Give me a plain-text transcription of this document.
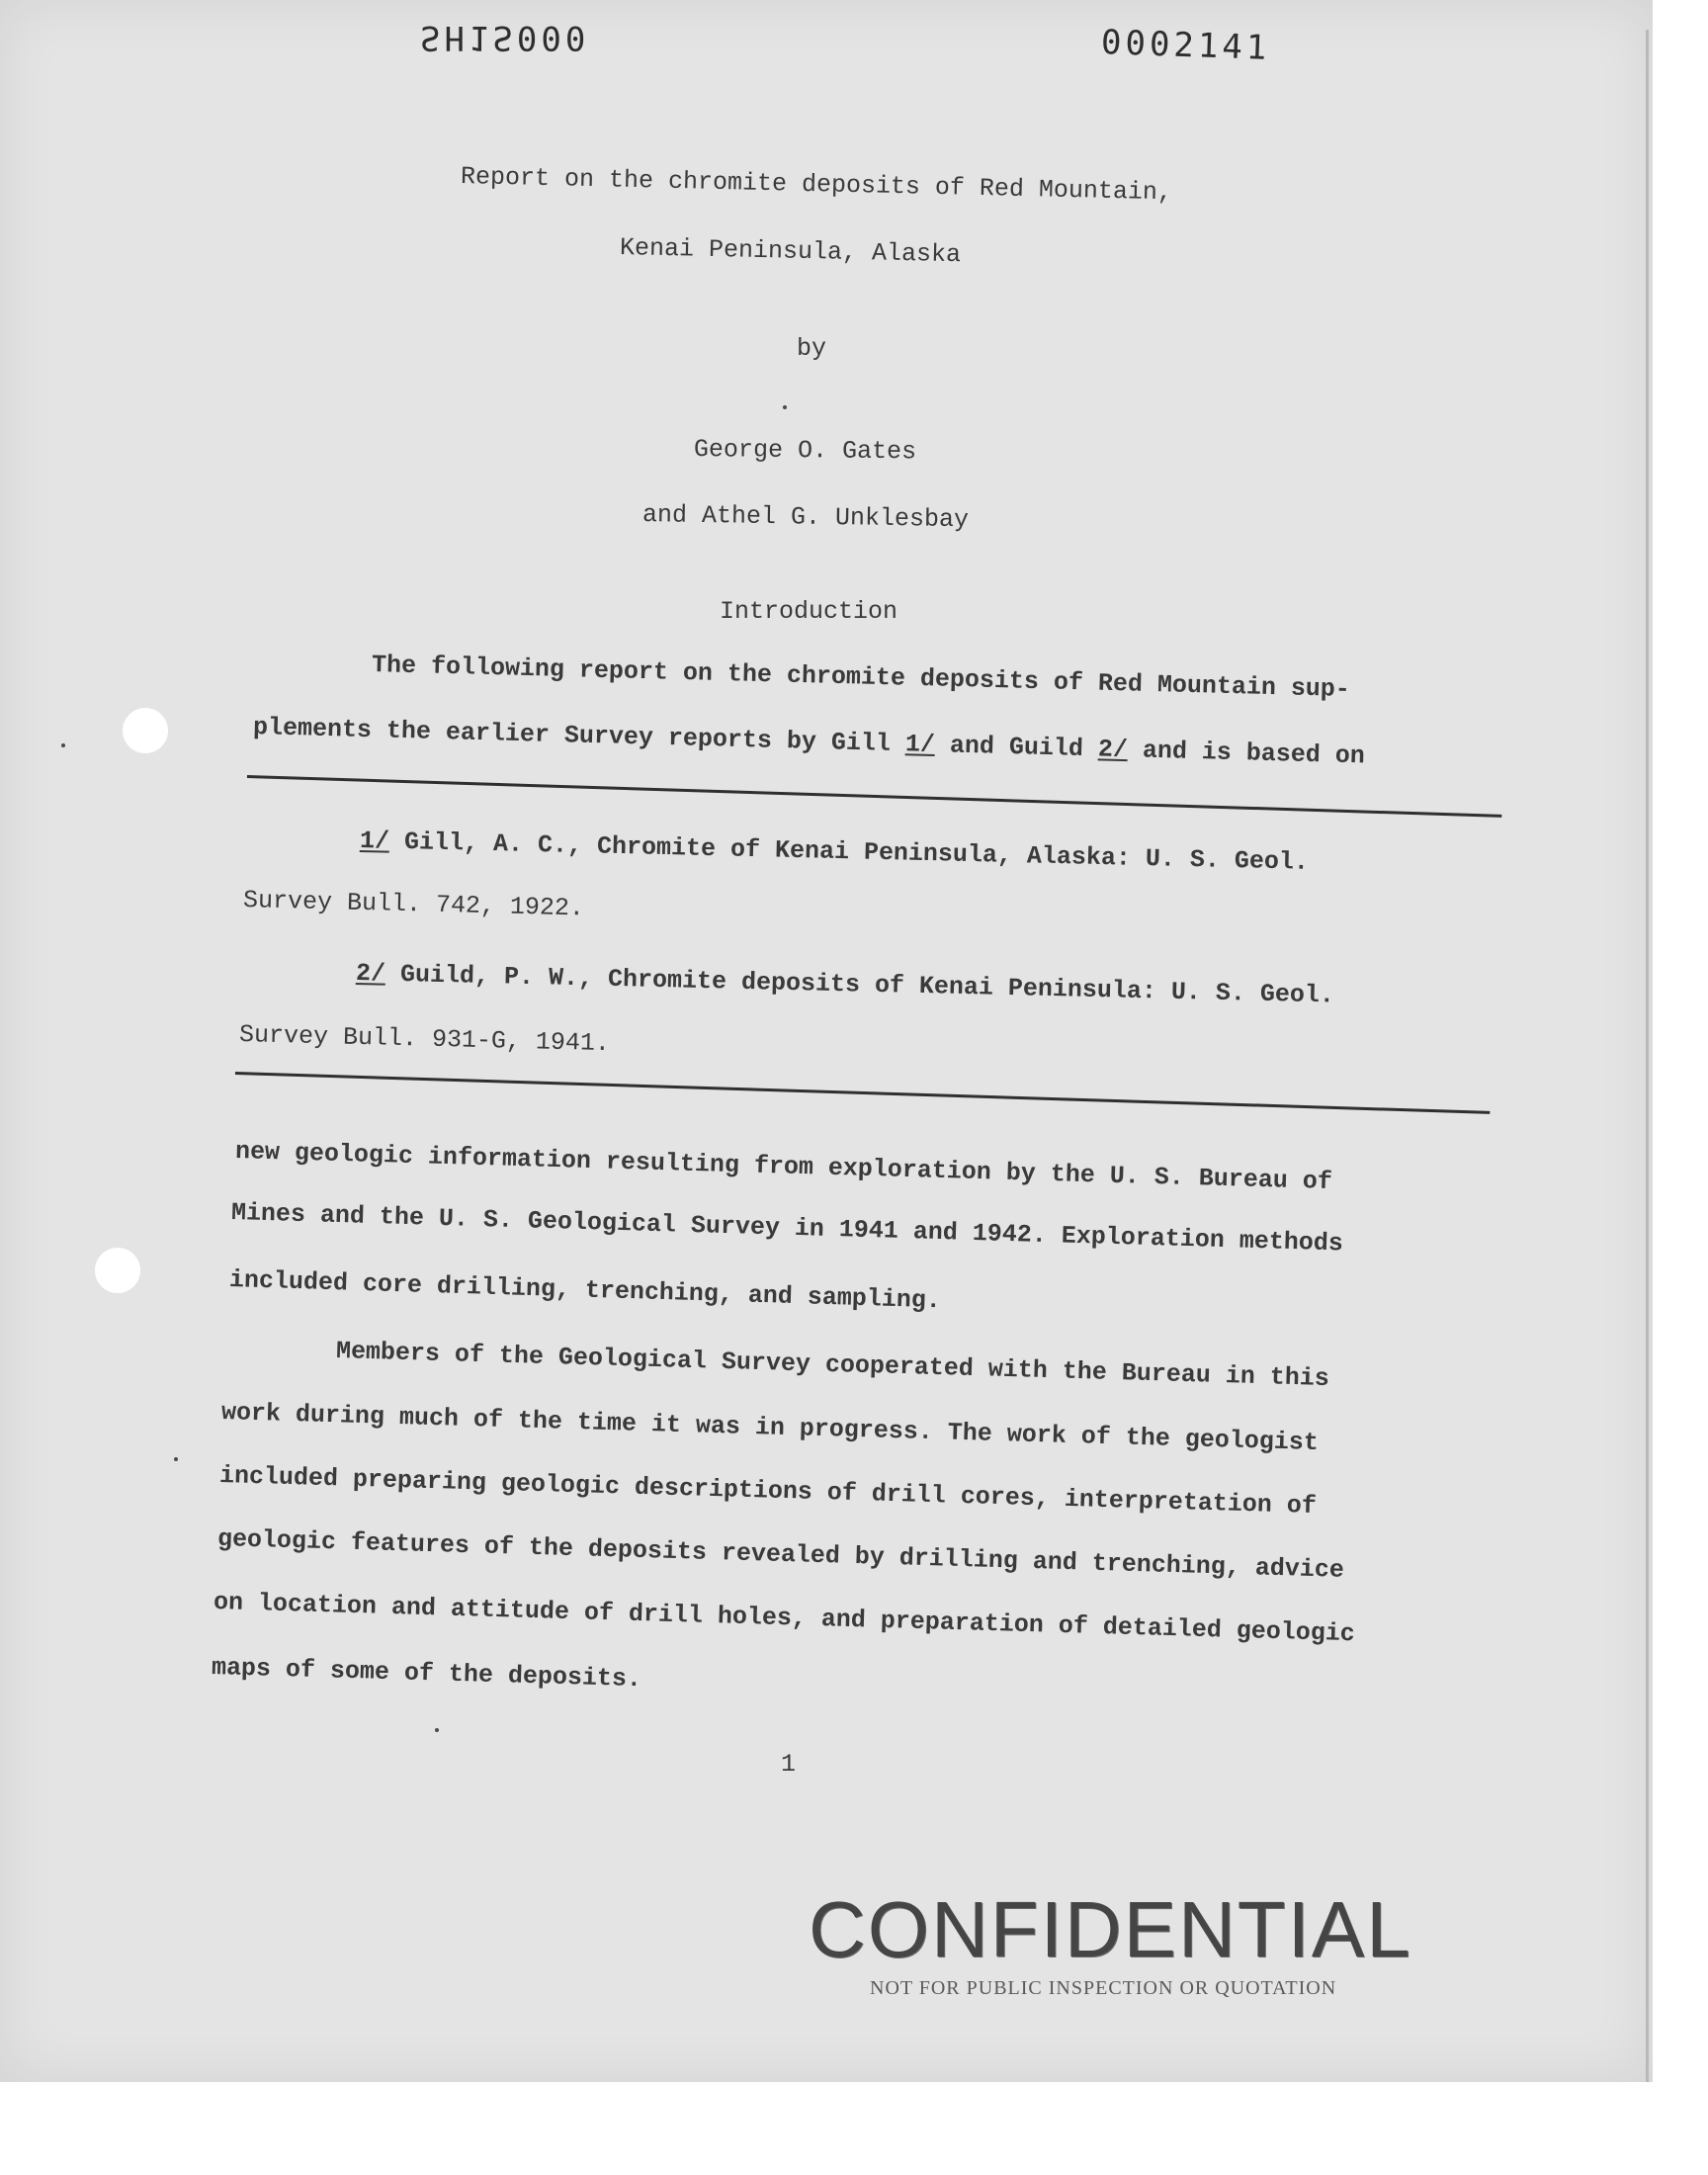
SH1S000	0002141
Report on the chromite deposits of Red Mountain,
Kenai Peninsula, Alaska
by
George O. Gates
and Athel G. Unklesbay
Introduction
The following report on the chromite deposits of Red Mountain sup-
plements the earlier Survey reports by Gill 1/ and Guild 2/ and is based on
1/ Gill, A. C., Chromite of Kenai Peninsula, Alaska: U. S. Geol.
Survey Bull. 742, 1922.
2/ Guild, P. W., Chromite deposits of Kenai Peninsula: U. S. Geol.
Survey Bull. 931-G, 1941.
new geologic information resulting from exploration by the U. S. Bureau of
Mines and the U. S. Geological Survey in 1941 and 1942. Exploration methods
included core drilling, trenching, and sampling.
Members of the Geological Survey cooperated with the Bureau in this
work during much of the time it was in progress. The work of the geologist
included preparing geologic descriptions of drill cores, interpretation of
geologic features of the deposits revealed by drilling and trenching, advice
on location and attitude of drill holes, and preparation of detailed geologic
maps of some of the deposits.
1
CONFIDENTIAL
NOT FOR PUBLIC INSPECTION OR QUOTATION
